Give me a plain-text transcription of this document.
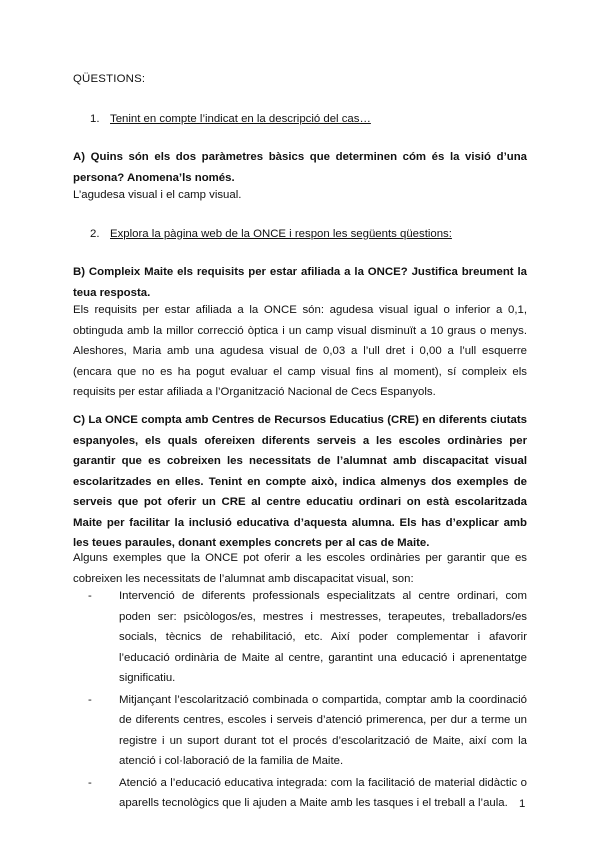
QÜESTIONS:
1. Tenint en compte l’indicat en la descripció del cas…
A) Quins són els dos paràmetres bàsics que determinen cóm és la visió d’una persona? Anomena’ls només.
L’agudesa visual i el camp visual.
2. Explora la pàgina web de la ONCE i respon les següents qüestions:
B) Compleix Maite els requisits per estar afiliada a la ONCE? Justifica breument la teua resposta.
Els requisits per estar afiliada a la ONCE són: agudesa visual igual o inferior a 0,1, obtinguda amb la millor correcció òptica i un camp visual disminuït a 10 graus o menys. Aleshores, Maria amb una agudesa visual de 0,03 a l’ull dret i 0,00 a l’ull esquerre (encara que no es ha pogut evaluar el camp visual fins al moment), sí compleix els requisits per estar afiliada a l’Organització Nacional de Cecs Espanyols.
C) La ONCE compta amb Centres de Recursos Educatius (CRE) en diferents ciutats espanyoles, els quals ofereixen diferents serveis a les escoles ordinàries per garantir que es cobreixen les necessitats de l’alumnat amb discapacitat visual escolaritzades en elles. Tenint en compte això, indica almenys dos exemples de serveis que pot oferir un CRE al centre educatiu ordinari on està escolaritzada Maite per facilitar la inclusió educativa d’aquesta alumna. Els has d’explicar amb les teues paraules, donant exemples concrets per al cas de Maite.
Alguns exemples que la ONCE pot oferir a les escoles ordinàries per garantir que es cobreixen les necessitats de l’alumnat amb discapacitat visual, son:
- Intervenció de diferents professionals especialitzats al centre ordinari, com poden ser: psicòlogos/es, mestres i mestresses, terapeutes, treballadors/es socials, tècnics de rehabilitació, etc. Així poder complementar i afavorir l’educació ordinària de Maite al centre, garantint una educació i aprenentatge significatiu.
- Mitjançant l’escolarització combinada o compartida, comptar amb la coordinació de diferents centres, escoles i serveis d’atenció primerenca, per dur a terme un registre i un suport durant tot el procés d’escolarització de Maite, així com la atenció i col·laboració de la familia de Maite.
- Atenció a l’educació educativa integrada: com la facilitació de material didàctic o aparells tecnològics que li ajuden a Maite amb les tasques i el treball a l’aula. 1
